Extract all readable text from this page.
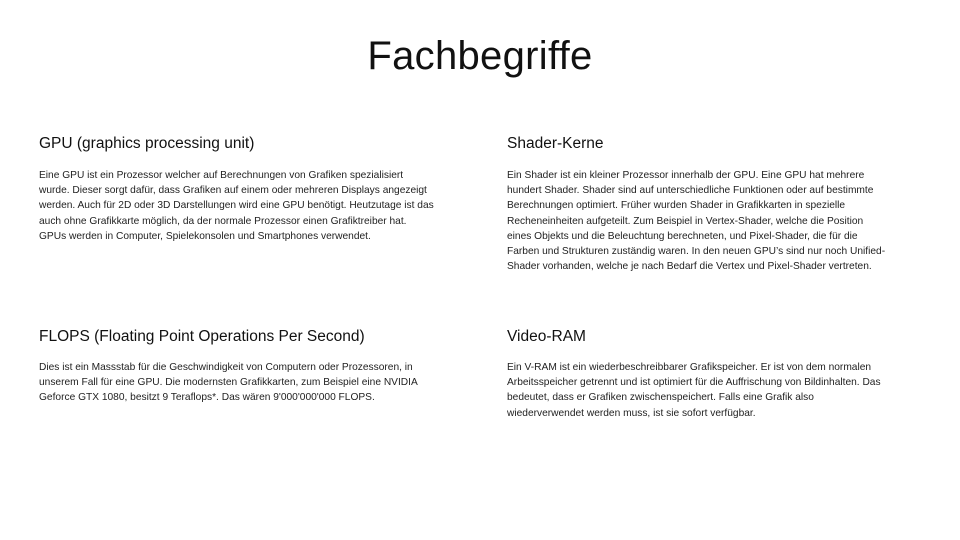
Fachbegriffe
GPU (graphics processing unit)

Eine GPU ist ein Prozessor welcher auf Berechnungen von Grafiken spezialisiert wurde. Dieser sorgt dafür, dass Grafiken auf einem oder mehreren Displays angezeigt werden. Auch für 2D oder 3D Darstellungen wird eine GPU benötigt. Heutzutage ist das auch ohne Grafikkarte möglich, da der normale Prozessor einen Grafiktreiber hat. GPUs werden in Computer, Spielekonsolen und Smartphones verwendet.

Shader-Kerne

Ein Shader ist ein kleiner Prozessor innerhalb der GPU. Eine GPU hat mehrere hundert Shader. Shader sind auf unterschiedliche Funktionen oder auf bestimmte Berechnungen optimiert. Früher wurden Shader in Grafikkarten in spezielle Recheneinheiten aufgeteilt. Zum Beispiel in Vertex-Shader, welche die Position eines Objekts und die Beleuchtung berechneten, und Pixel-Shader, die für die Farben und Strukturen zuständig waren. In den neuen GPU’s sind nur noch Unified-Shader vorhanden, welche je nach Bedarf die Vertex und Pixel-Shader vertreten.

FLOPS (Floating Point Operations Per Second)

Dies ist ein Massstab für die Geschwindigkeit von Computern oder Prozessoren, in unserem Fall für eine GPU. Die modernsten Grafikkarten, zum Beispiel eine NVIDIA Geforce GTX 1080, besitzt 9 Teraflops*. Das wären 9'000'000'000 FLOPS.

Video-RAM

Ein V-RAM ist ein wiederbeschreibbarer Grafikspeicher. Er ist von dem normalen Arbeitsspeicher getrennt und ist optimiert für die Auffrischung von Bildinhalten. Das bedeutet, dass er Grafiken zwischenspeichert. Falls eine Grafik also wiederverwendet werden muss, ist sie sofort verfügbar.
